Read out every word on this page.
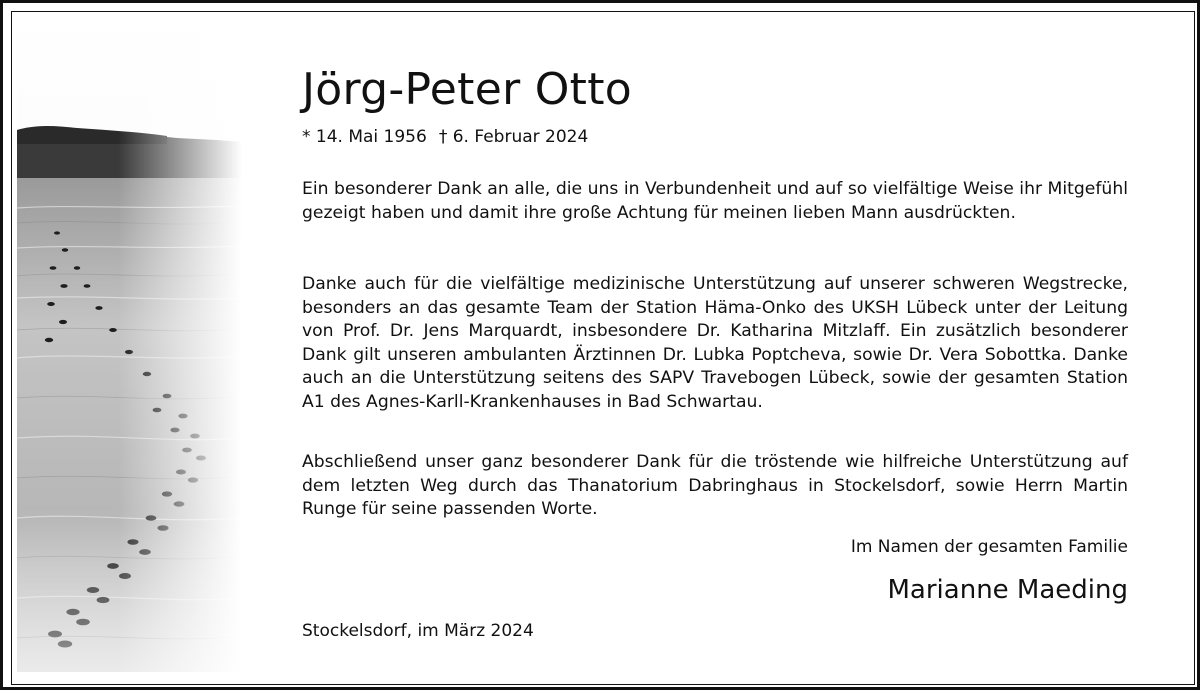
Jörg-Peter Otto
* 14. Mai 1956 † 6. Februar 2024

Ein besonderer Dank an alle, die uns in Verbundenheit und auf so vielfältige Weise ihr Mitgefühl gezeigt haben und damit ihre große Achtung für meinen lieben Mann ausdrückten.

Danke auch für die vielfältige medizinische Unterstützung auf unserer schweren Wegstrecke, besonders an das gesamte Team der Station Häma-Onko des UKSH Lübeck unter der Leitung von Prof. Dr. Jens Marquardt, insbesondere Dr. Katharina Mitzlaff. Ein zusätzlich besonderer Dank gilt unseren ambulanten Ärztinnen Dr. Lubka Poptcheva, sowie Dr. Vera Sobottka. Danke auch an die Unterstützung seitens des SAPV Travebogen Lübeck, sowie der gesamten Station A1 des Agnes-Karll-Krankenhauses in Bad Schwartau.

Abschließend unser ganz besonderer Dank für die tröstende wie hilfreiche Unterstützung auf dem letzten Weg durch das Thanatorium Dabringhaus in Stockelsdorf, sowie Herrn Martin Runge für seine passenden Worte.

Im Namen der gesamten Familie
Marianne Maeding
Stockelsdorf, im März 2024
